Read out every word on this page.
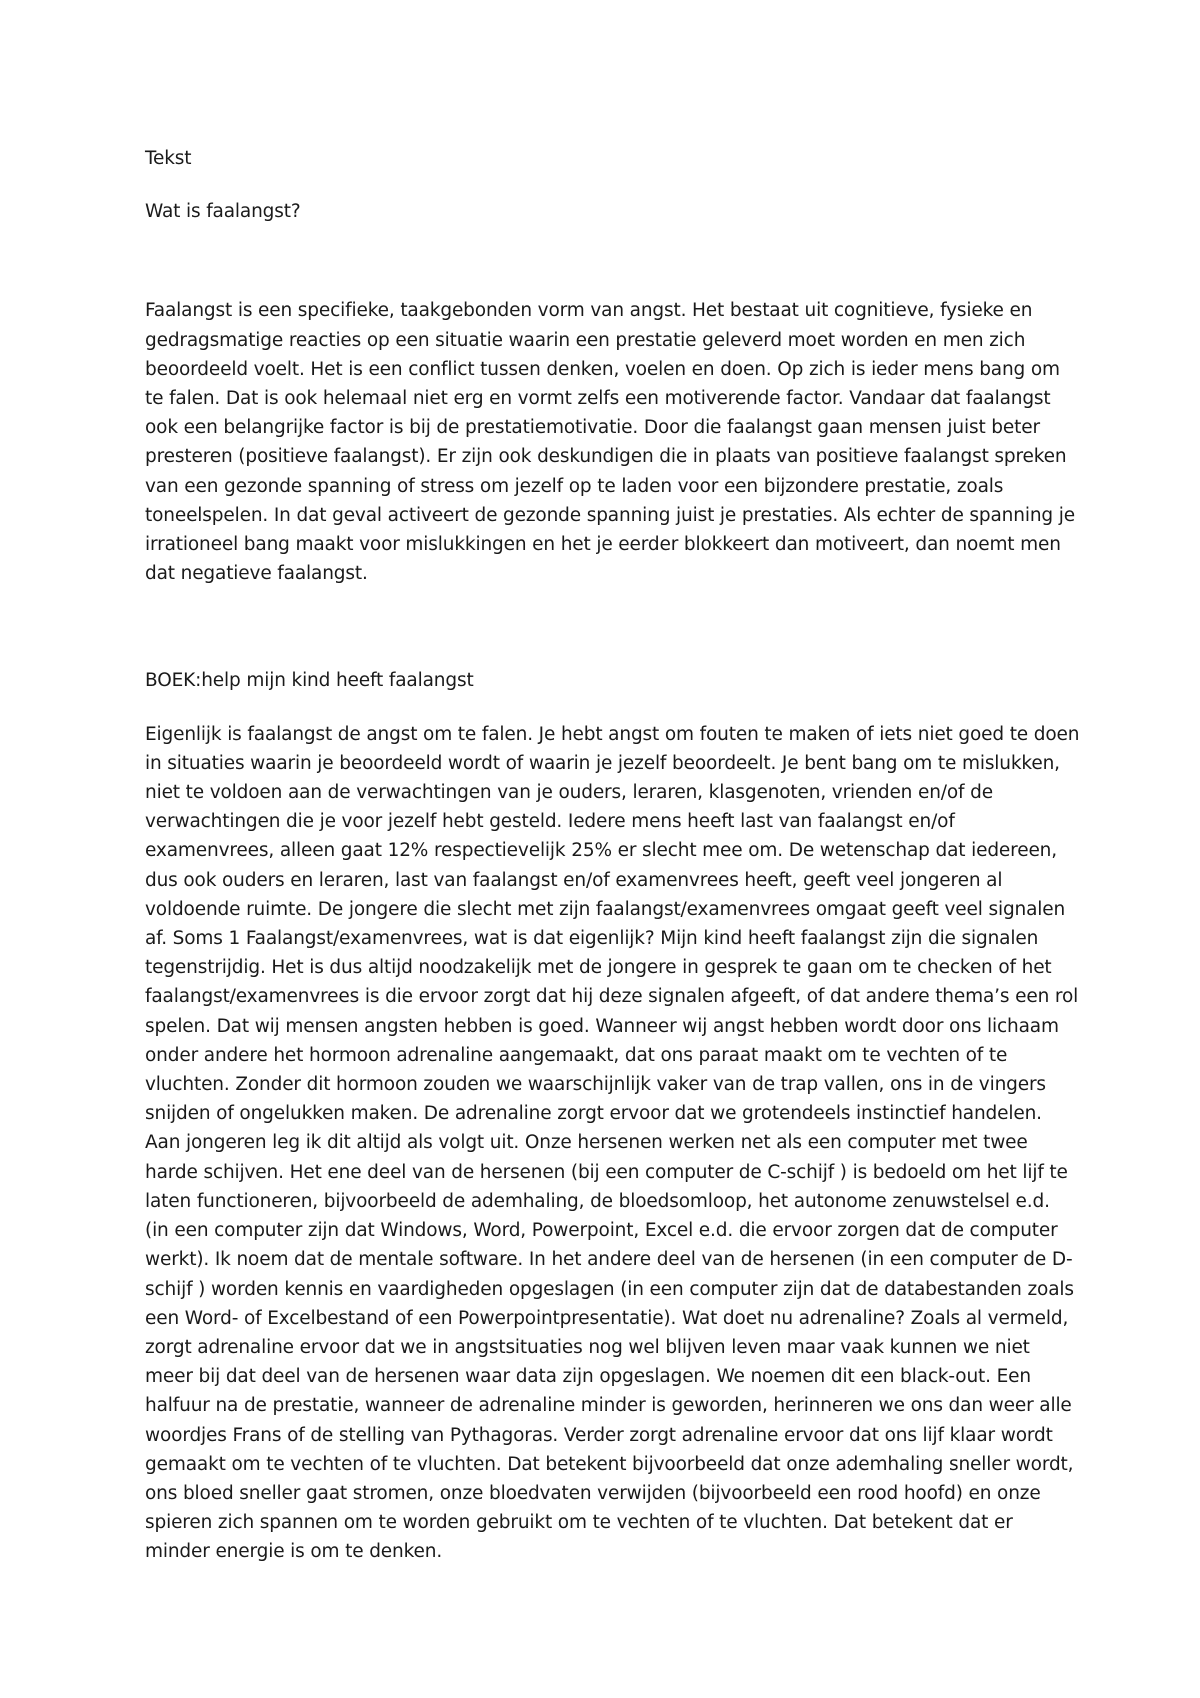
Tekst

Wat is faalangst?

Faalangst is een specifieke, taakgebonden vorm van angst. Het bestaat uit cognitieve, fysieke en
gedragsmatige reacties op een situatie waarin een prestatie geleverd moet worden en men zich
beoordeeld voelt. Het is een conflict tussen denken, voelen en doen. Op zich is ieder mens bang om
te falen. Dat is ook helemaal niet erg en vormt zelfs een motiverende factor. Vandaar dat faalangst
ook een belangrijke factor is bij de prestatiemotivatie. Door die faalangst gaan mensen juist beter
presteren (positieve faalangst). Er zijn ook deskundigen die in plaats van positieve faalangst spreken
van een gezonde spanning of stress om jezelf op te laden voor een bijzondere prestatie, zoals
toneelspelen. In dat geval activeert de gezonde spanning juist je prestaties. Als echter de spanning je
irrationeel bang maakt voor mislukkingen en het je eerder blokkeert dan motiveert, dan noemt men
dat negatieve faalangst.

BOEK:help mijn kind heeft faalangst

Eigenlijk is faalangst de angst om te falen. Je hebt angst om fouten te maken of iets niet goed te doen
in situaties waarin je beoordeeld wordt of waarin je jezelf beoordeelt. Je bent bang om te mislukken,
niet te voldoen aan de verwachtingen van je ouders, leraren, klasgenoten, vrienden en/of de
verwachtingen die je voor jezelf hebt gesteld. Iedere mens heeft last van faalangst en/of
examenvrees, alleen gaat 12% respectievelijk 25% er slecht mee om. De wetenschap dat iedereen,
dus ook ouders en leraren, last van faalangst en/of examenvrees heeft, geeft veel jongeren al
voldoende ruimte. De jongere die slecht met zijn faalangst/examenvrees omgaat geeft veel signalen
af. Soms 1 Faalangst/examenvrees, wat is dat eigenlijk? Mijn kind heeft faalangst zijn die signalen
tegenstrijdig. Het is dus altijd noodzakelijk met de jongere in gesprek te gaan om te checken of het
faalangst/examenvrees is die ervoor zorgt dat hij deze signalen afgeeft, of dat andere thema’s een rol
spelen. Dat wij mensen angsten hebben is goed. Wanneer wij angst hebben wordt door ons lichaam
onder andere het hormoon adrenaline aangemaakt, dat ons paraat maakt om te vechten of te
vluchten. Zonder dit hormoon zouden we waarschijnlijk vaker van de trap vallen, ons in de vingers
snijden of ongelukken maken. De adrenaline zorgt ervoor dat we grotendeels instinctief handelen.
Aan jongeren leg ik dit altijd als volgt uit. Onze hersenen werken net als een computer met twee
harde schijven. Het ene deel van de hersenen (bij een computer de C-schijf ) is bedoeld om het lijf te
laten functioneren, bijvoorbeeld de ademhaling, de bloedsomloop, het autonome zenuwstelsel e.d.
(in een computer zijn dat Windows, Word, Powerpoint, Excel e.d. die ervoor zorgen dat de computer
werkt). Ik noem dat de mentale software. In het andere deel van de hersenen (in een computer de D-
schijf ) worden kennis en vaardigheden opgeslagen (in een computer zijn dat de databestanden zoals
een Word- of Excelbestand of een Powerpointpresentatie). Wat doet nu adrenaline? Zoals al vermeld,
zorgt adrenaline ervoor dat we in angstsituaties nog wel blijven leven maar vaak kunnen we niet
meer bij dat deel van de hersenen waar data zijn opgeslagen. We noemen dit een black-out. Een
halfuur na de prestatie, wanneer de adrenaline minder is geworden, herinneren we ons dan weer alle
woordjes Frans of de stelling van Pythagoras. Verder zorgt adrenaline ervoor dat ons lijf klaar wordt
gemaakt om te vechten of te vluchten. Dat betekent bijvoorbeeld dat onze ademhaling sneller wordt,
ons bloed sneller gaat stromen, onze bloedvaten verwijden (bijvoorbeeld een rood hoofd) en onze
spieren zich spannen om te worden gebruikt om te vechten of te vluchten. Dat betekent dat er
minder energie is om te denken.
